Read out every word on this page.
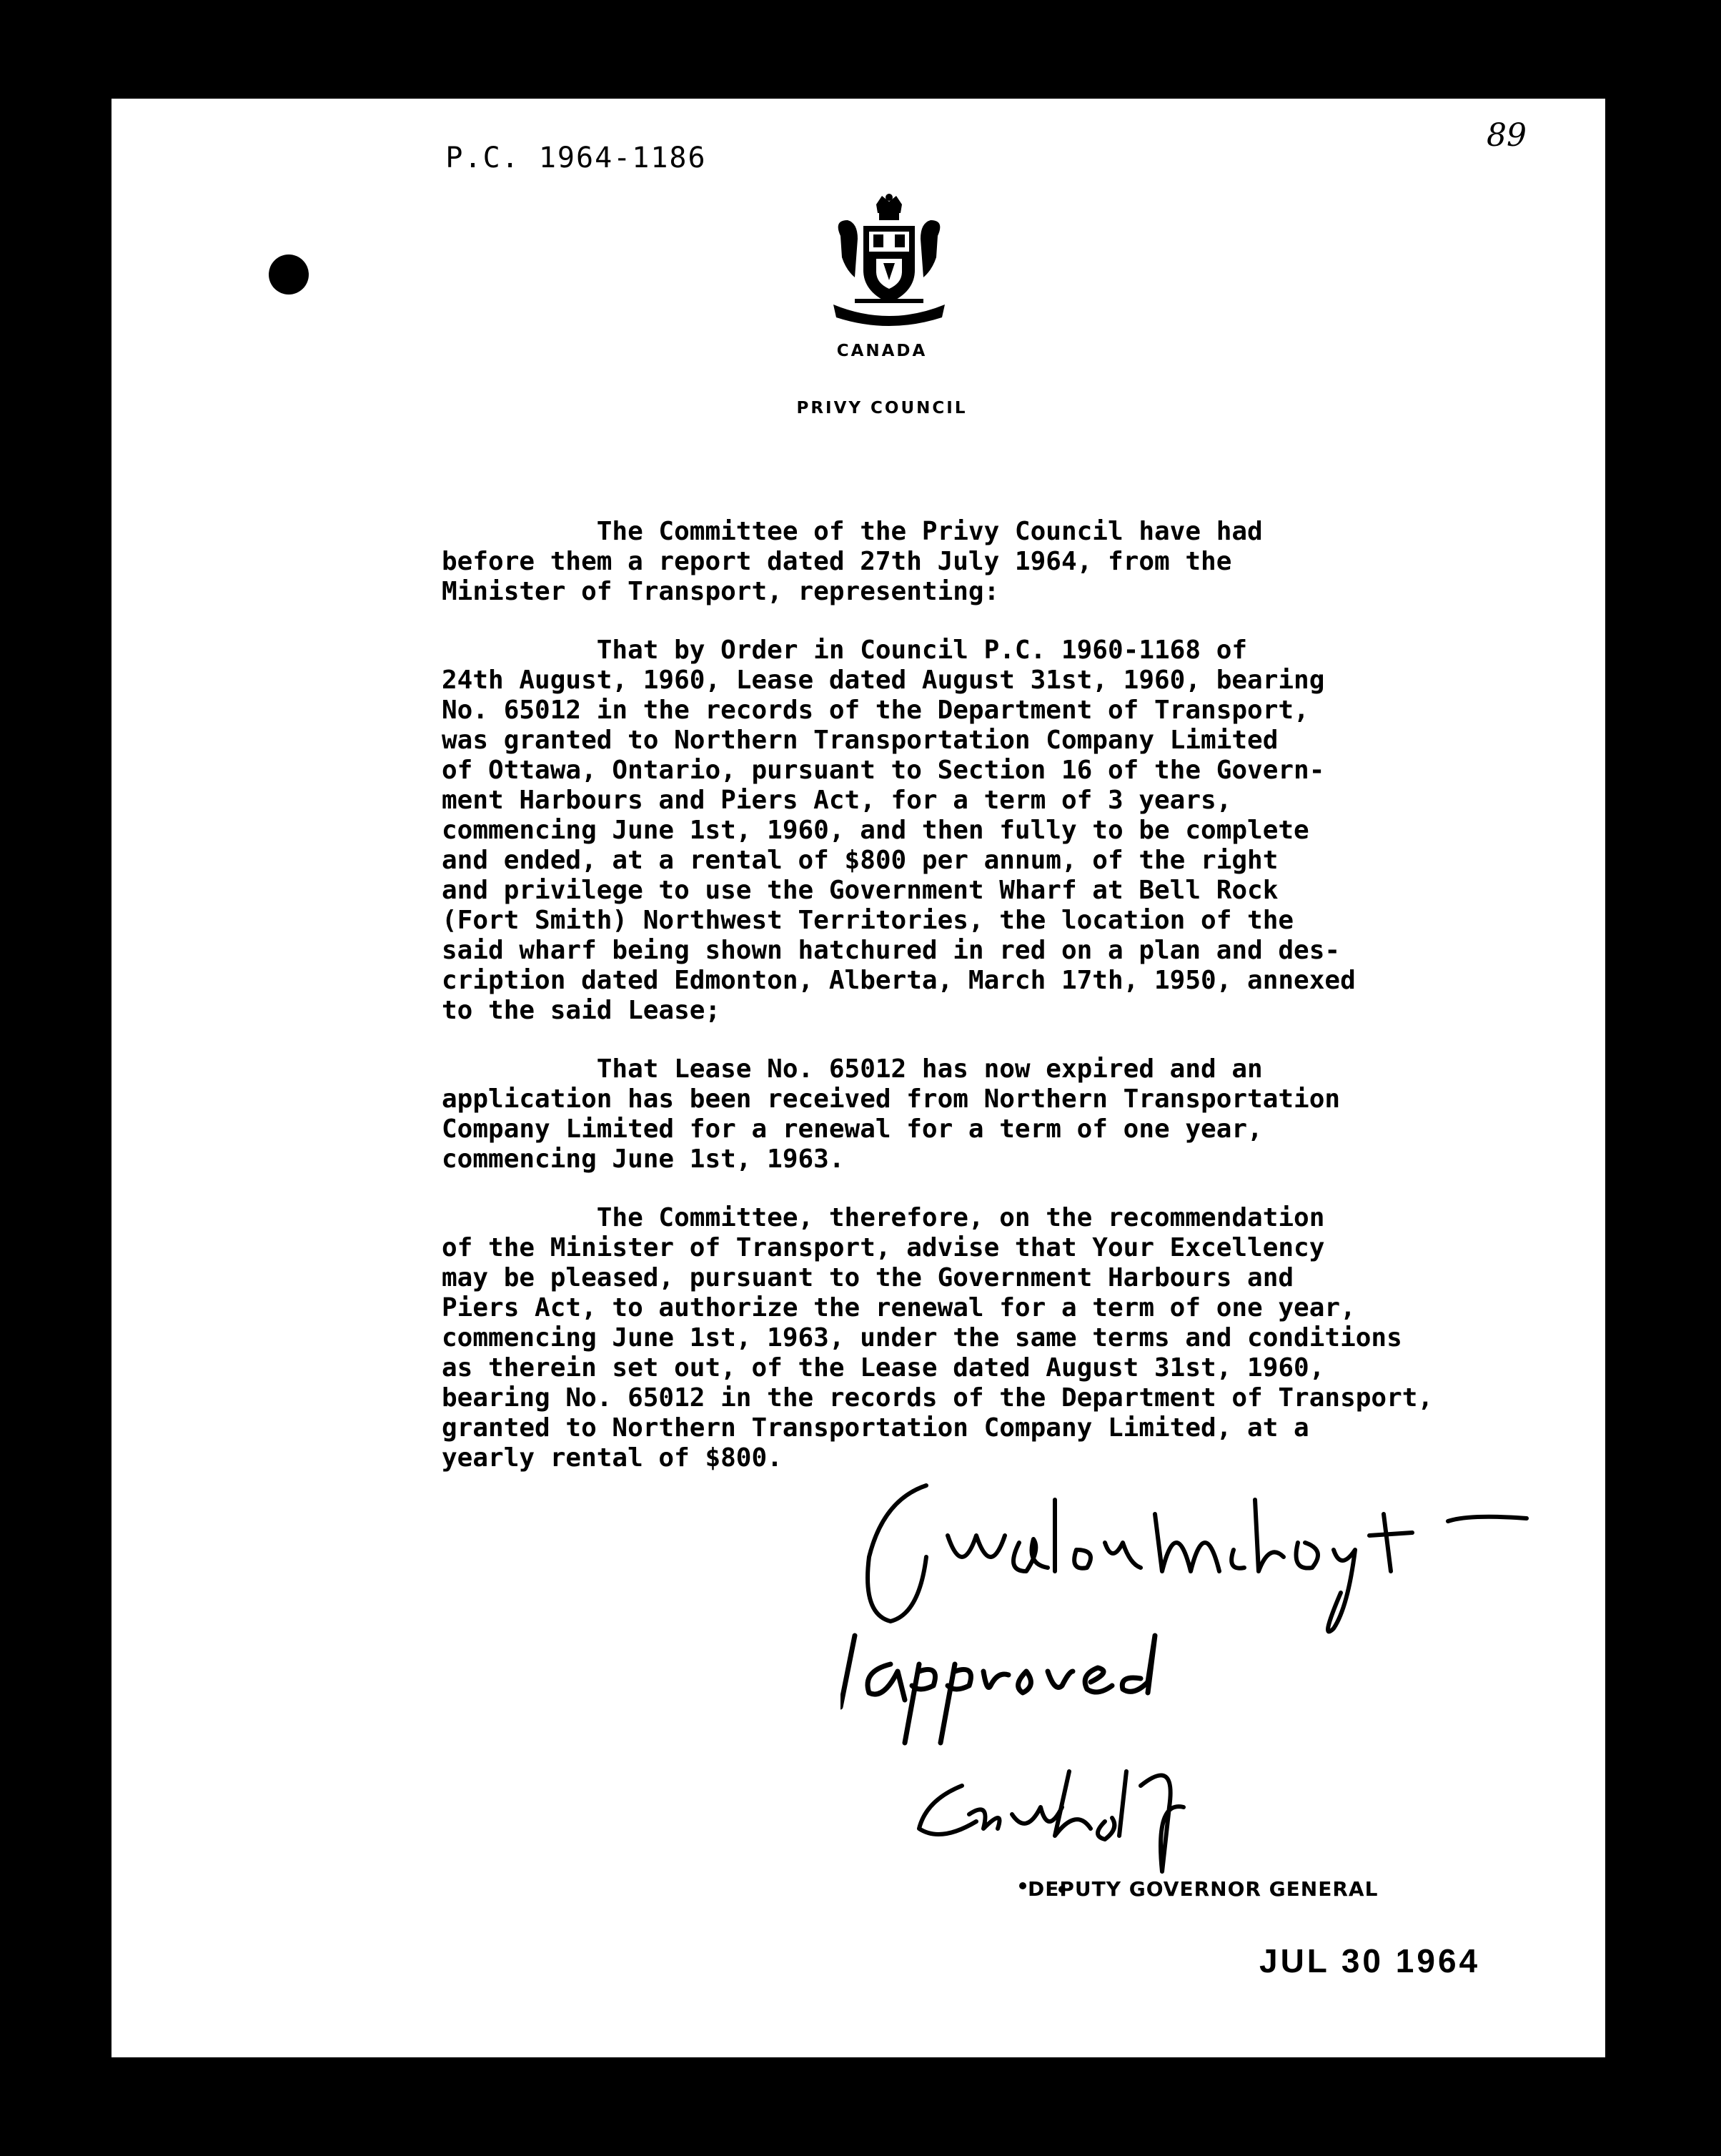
P.C. 1964-1186
89
CANADA
PRIVY COUNCIL

The Committee of the Privy Council have had
before them a report dated 27th July 1964, from the
Minister of Transport, representing:

That by Order in Council P.C. 1960-1168 of
24th August, 1960, Lease dated August 31st, 1960, bearing
No. 65012 in the records of the Department of Transport,
was granted to Northern Transportation Company Limited
of Ottawa, Ontario, pursuant to Section 16 of the Govern-
ment Harbours and Piers Act, for a term of 3 years,
commencing June 1st, 1960, and then fully to be complete
and ended, at a rental of $800 per annum, of the right
and privilege to use the Government Wharf at Bell Rock
(Fort Smith) Northwest Territories, the location of the
said wharf being shown hatchured in red on a plan and des-
cription dated Edmonton, Alberta, March 17th, 1950, annexed
to the said Lease;

That Lease No. 65012 has now expired and an
application has been received from Northern Transportation
Company Limited for a renewal for a term of one year,
commencing June 1st, 1963.

The Committee, therefore, on the recommendation
of the Minister of Transport, advise that Your Excellency
may be pleased, pursuant to the Government Harbours and
Piers Act, to authorize the renewal for a term of one year,
commencing June 1st, 1963, under the same terms and conditions
as therein set out, of the Lease dated August 31st, 1960,
bearing No. 65012 in the records of the Department of Transport,
granted to Northern Transportation Company Limited, at a
yearly rental of $800.

DEPUTY GOVERNOR GENERAL
JUL 30 1964
